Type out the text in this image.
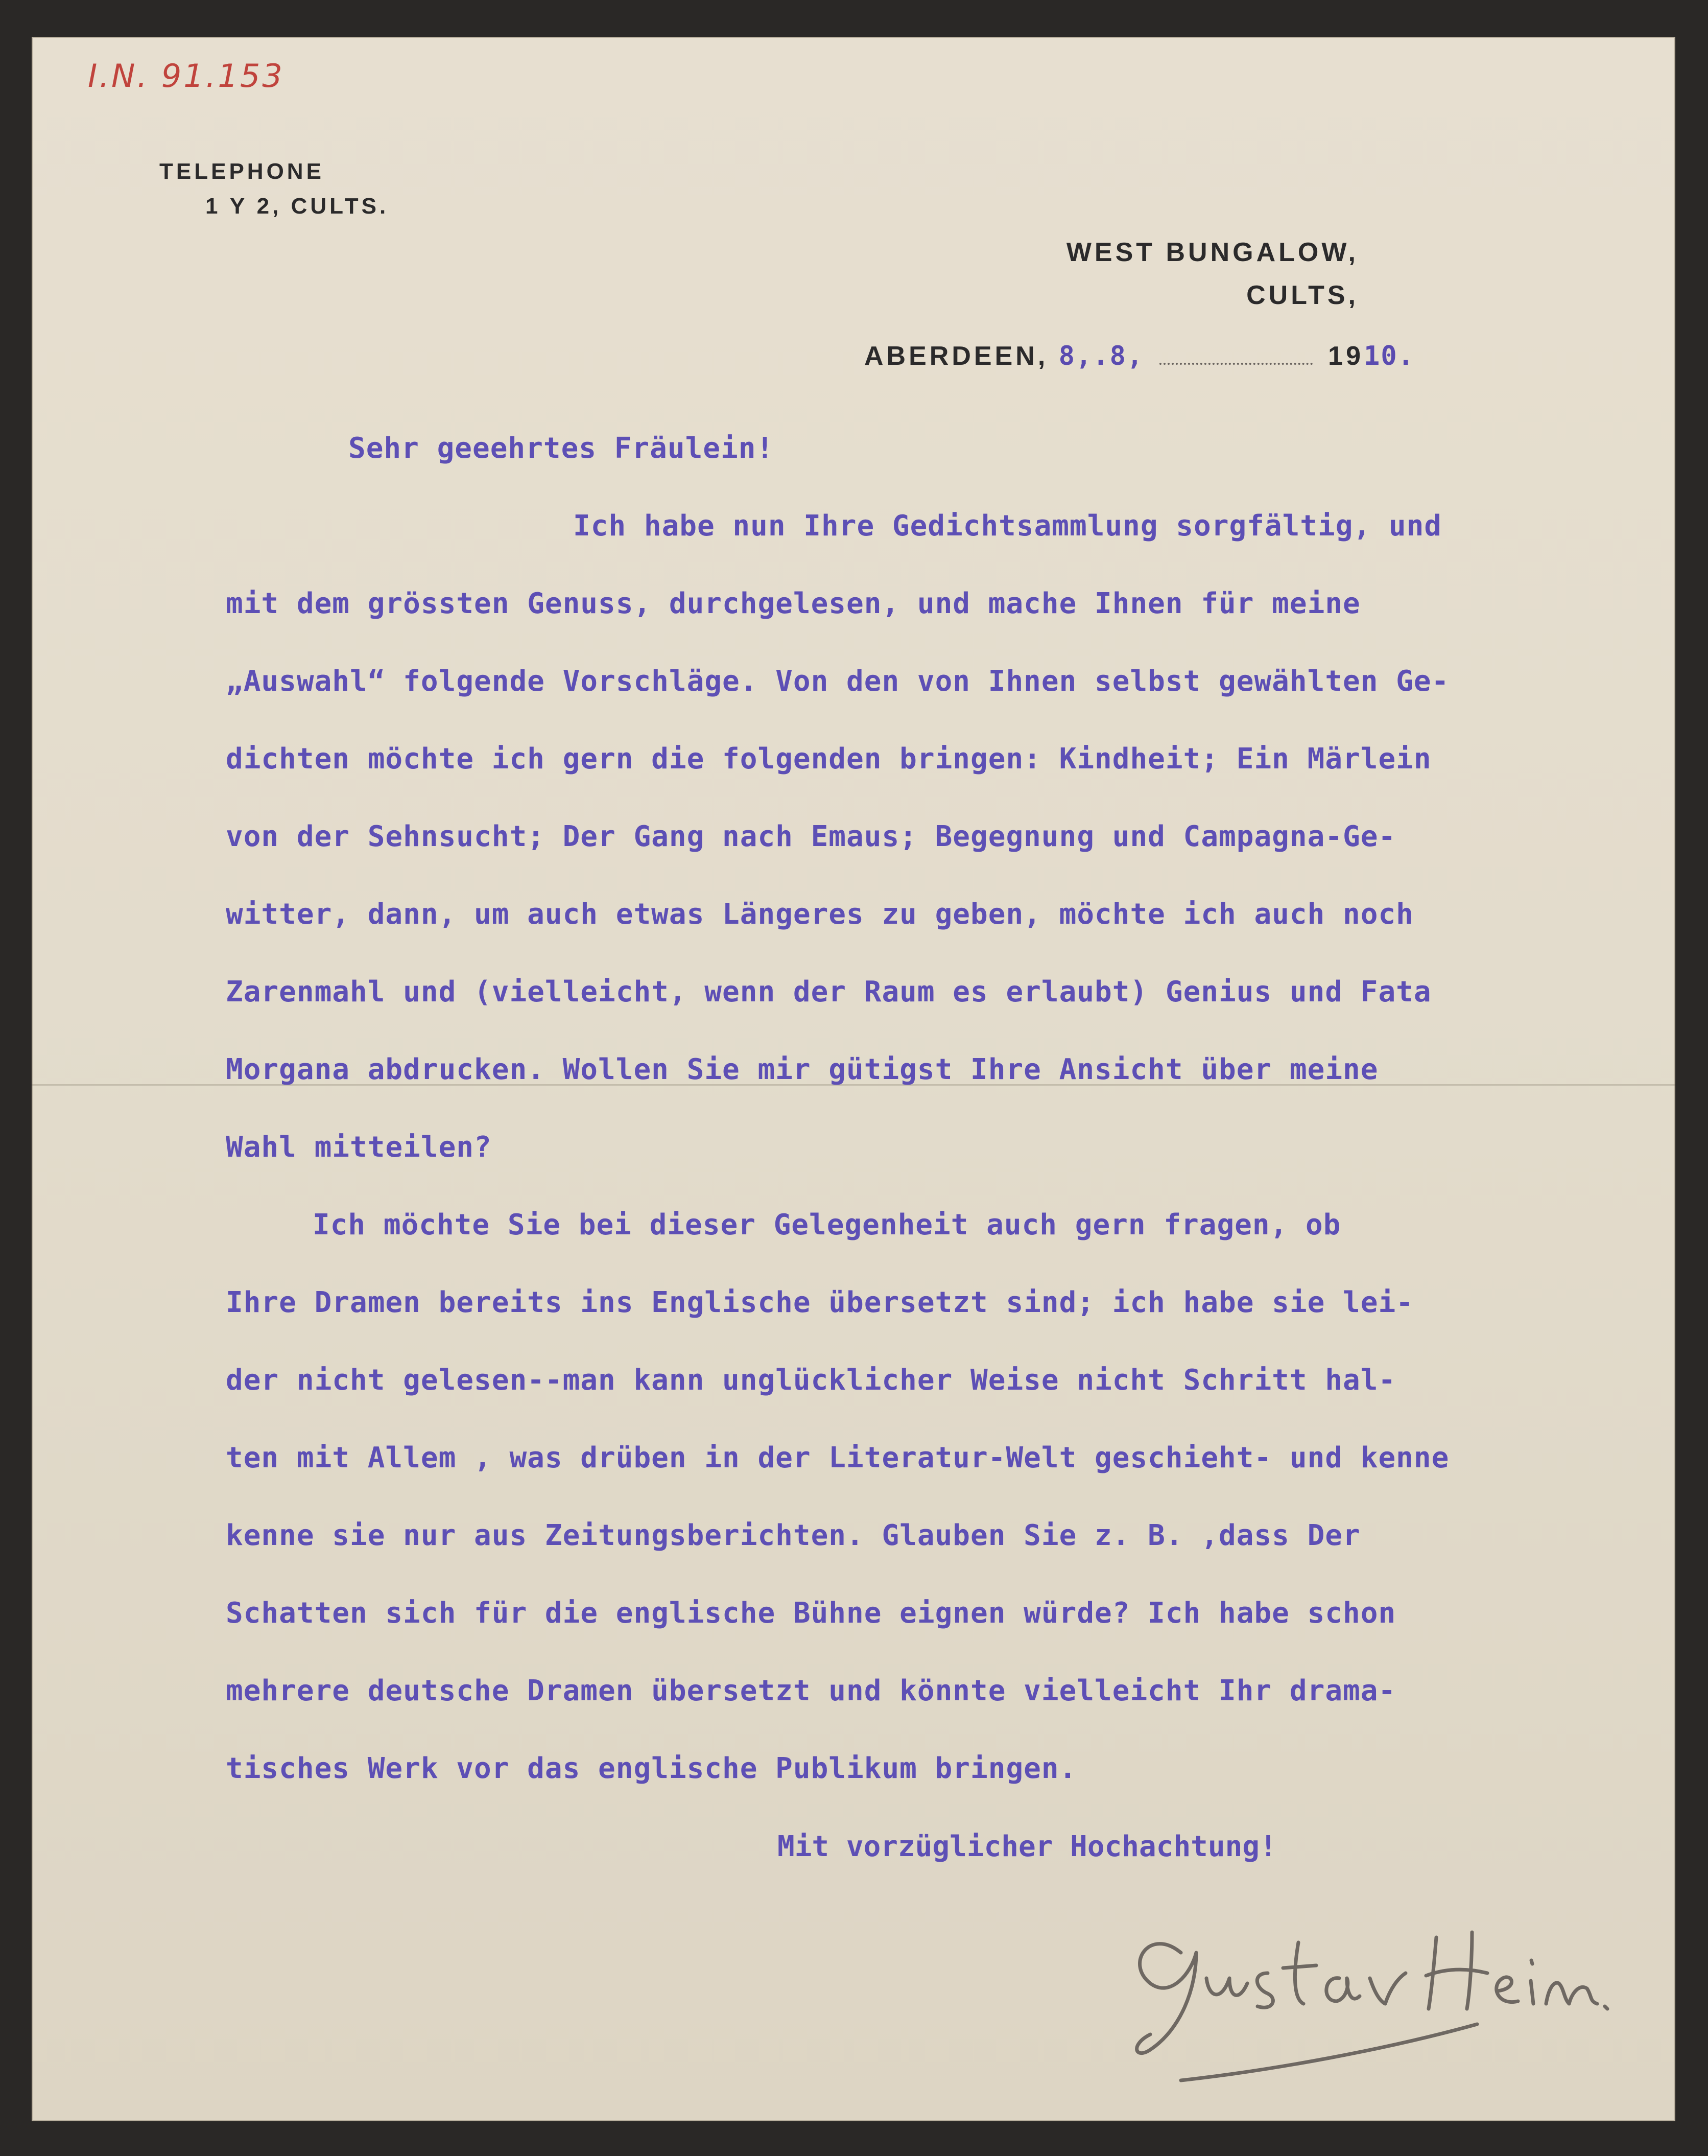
I.N. 91.153
TELEPHONE
1 Y 2, CULTS.
WEST BUNGALOW,
CULTS,
ABERDEEN, 8,.8,	1910.
Sehr geeehrtes Fräulein!
Ich habe nun Ihre Gedichtsammlung sorgfältig, und
mit dem grössten Genuss, durchgelesen, und mache Ihnen für meine
„Auswahl“ folgende Vorschläge. Von den von Ihnen selbst gewählten Ge-
dichten möchte ich gern die folgenden bringen: Kindheit; Ein Märlein
von der Sehnsucht; Der Gang nach Emaus; Begegnung und Campagna-Ge-
witter, dann, um auch etwas Längeres zu geben, möchte ich auch noch
Zarenmahl und (vielleicht, wenn der Raum es erlaubt) Genius und Fata
Morgana abdrucken. Wollen Sie mir gütigst Ihre Ansicht über meine
Wahl mitteilen?
Ich möchte Sie bei dieser Gelegenheit auch gern fragen, ob
Ihre Dramen bereits ins Englische übersetzt sind; ich habe sie lei-
der nicht gelesen--man kann unglücklicher Weise nicht Schritt hal-
ten mit Allem , was drüben in der Literatur-Welt geschieht- und kenne
kenne sie nur aus Zeitungsberichten. Glauben Sie z. B. ,dass Der
Schatten sich für die englische Bühne eignen würde? Ich habe schon
mehrere deutsche Dramen übersetzt und könnte vielleicht Ihr drama-
tisches Werk vor das englische Publikum bringen.
Mit vorzüglicher Hochachtung!
Gustav Hein
